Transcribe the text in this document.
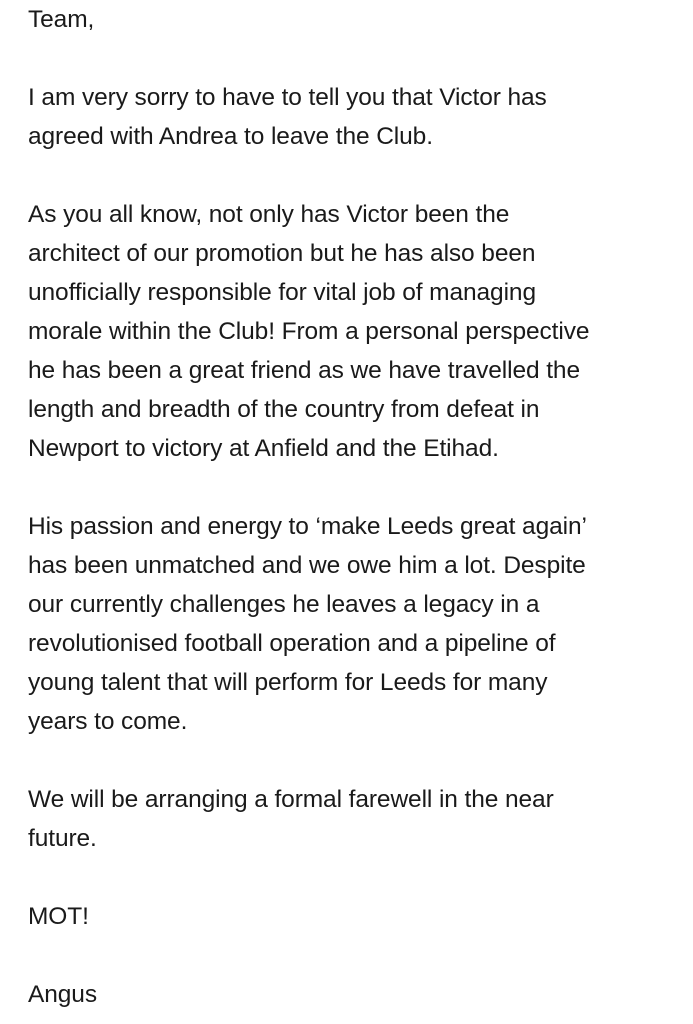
Team,
I am very sorry to have to tell you that Victor has
agreed with Andrea to leave the Club.
As you all know, not only has Victor been the
architect of our promotion but he has also been
unofficially responsible for vital job of managing
morale within the Club! From a personal perspective
he has been a great friend as we have travelled the
length and breadth of the country from defeat in
Newport to victory at Anfield and the Etihad.
His passion and energy to ‘make Leeds great again’
has been unmatched and we owe him a lot. Despite
our currently challenges he leaves a legacy in a
revolutionised football operation and a pipeline of
young talent that will perform for Leeds for many
years to come.
We will be arranging a formal farewell in the near
future.
MOT!
Angus
